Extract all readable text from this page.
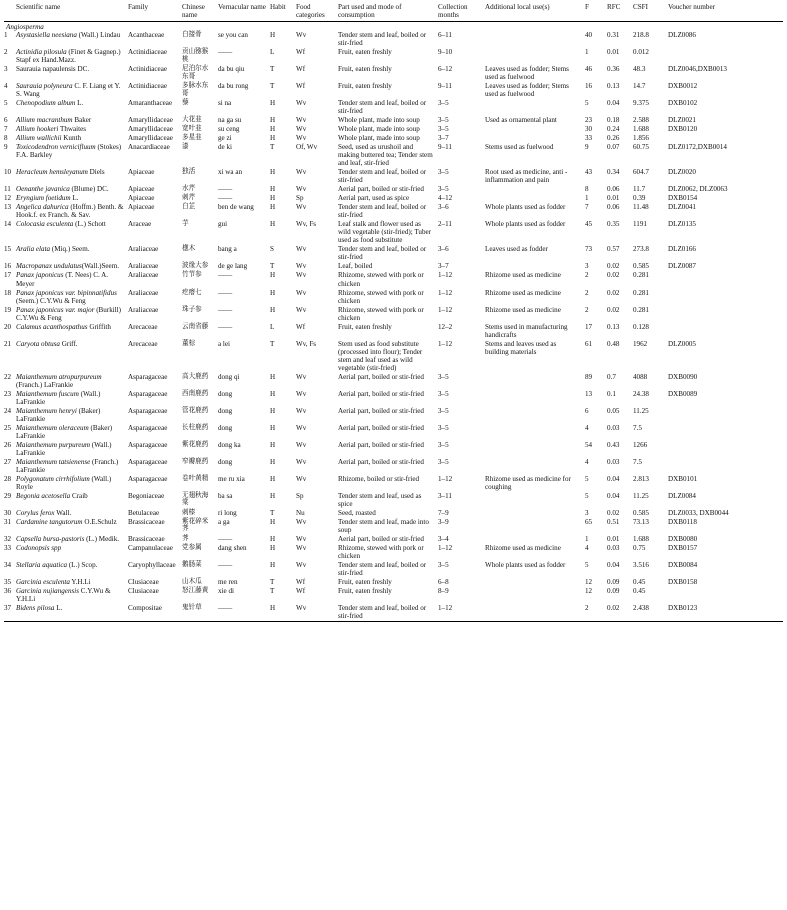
	Scientific name	Family	Chinese name	Vernacular name	Habit	Food categories	Part used and mode of consumption	Collection months	Additional local use(s)	F	RFC	CSFI	Voucher number
Angiosperma													
1	Asystasiella neesiana (Wall.) Lindau	Acanthaceae	白接骨	se you can	H	Wv	Tender stem and leaf, boiled or stir-fried	6–11		40	0.31	218.8	DLZ0086
2	Actinidia pilosula (Finet & Gagnep.) Stapf ex Hand.Mazz.	Actinidiaceae	贡山猕猴桃	——	L	Wf	Fruit, eaten freshly	9–10		1	0.01	0.012	
3	Saurauia napaulensis DC.	Actinidiaceae	尼泊尔水东哥	da bu qiu	T	Wf	Fruit, eaten freshly	6–12	Leaves used as fodder; Stems used as fuelwood	46	0.36	48.3	DLZ0046,DXB0013
4	Saurauia polyneura C. F. Liang et Y. S. Wang	Actinidiaceae	多脉水东哥	da bu rong	T	Wf	Fruit, eaten freshly	9–11	Leaves used as fodder; Stems used as fuelwood	16	0.13	14.7	DXB0012
5	Chenopodium album L.	Amaranthaceae	藜	si na	H	Wv	Tender stem and leaf, boiled or stir-fried	3–5		5	0.04	9.375	DXB0102
6	Allium macranthum Baker	Amaryllidaceae	大花韭	na ga su	H	Wv	Whole plant, made into soup	3–5	Used as ornamental plant	23	0.18	2.588	DLZ0021
7	Allium hookeri Thwaites	Amaryllidaceae	宽叶韭	su ceng	H	Wv	Whole plant, made into soup	3–5		30	0.24	1.688	DXB0120
8	Allium wallichii Kunth	Amaryllidaceae	多星韭	ge zi	H	Wv	Whole plant, made into soup	3–7		33	0.26	1.856	
9	Toxicodendron vernicifluum (Stokes) F.A. Barkley	Anacardiaceae	漆	de ki	T	Of, Wv	Seed, used as urushoil and making buttered tea; Tender stem and leaf, stir-fried	9–11	Stems used as fuelwood	9	0.07	60.75	DLZ0172,DXB0014
10	Heracleum hemsleyanum Diels	Apiaceae	独活	xi wa an	H	Wv	Tender stem and leaf, boiled or stir-fried	3–5	Root used as medicine, anti - inflammation and pain	43	0.34	604.7	DLZ0020
11	Oenanthe javanica (Blume) DC.	Apiaceae	水芹	——	H	Wv	Aerial part, boiled or stir-fried	3–5		8	0.06	11.7	DLZ0062, DLZ0063
12	Eryngium foetidum L.	Apiaceae	刺芹	——	H	Sp	Aerial part, used as spice	4–12		1	0.01	0.39	DXB0154
13	Angelica dahurica (Hoffm.) Benth. & Hook.f. ex Franch. & Sav.	Apiaceae	白芷	ben de wang	H	Wv	Tender stem and leaf, boiled or stir-fried	3–6	Whole plants used as fodder	7	0.06	11.48	DLZ0041
14	Colocasia esculenta (L.) Schott	Araceae	芋	gui	H	Wv, Fs	Leaf stalk and flower used as wild vegetable (stir-fried); Tuber used as food substitute	2–11	Whole plants used as fodder	45	0.35	1191	DLZ0135
15	Aralia elata (Miq.) Seem.	Araliaceae	楤木	bang a	S	Wv	Tender stem and leaf, boiled or stir-fried	3–6	Leaves used as fodder	73	0.57	273.8	DLZ0166
16	Macropanax undulatus(Wall.)Seem.	Araliaceae	波缘大参	de ge lang	T	Wv	Leaf, boiled	3–7		3	0.02	0.585	DLZ0087
17	Panax japonicus (T. Nees) C. A. Meyer	Araliaceae	竹节参	——	H	Wv	Rhizome, stewed with pork or chicken	1–12	Rhizome used as medicine	2	0.02	0.281	
18	Panax japonicus var. bipinnatifidus (Seem.) C.Y.Wu & Feng	Araliaceae	疙瘩七	——	H	Wv	Rhizome, stewed with pork or chicken	1–12	Rhizome used as medicine	2	0.02	0.281	
19	Panax japonicus var. major (Burkill) C.Y.Wu & Feng	Araliaceae	珠子参	——	H	Wv	Rhizome, stewed with pork or chicken	1–12	Rhizome used as medicine	2	0.02	0.281	
20	Calamus acanthospathus Griffith	Arecaceae	云南省藤	——	L	Wf	Fruit, eaten freshly	12–2	Stems used in manufacturing handicrafts	17	0.13	0.128	
21	Caryota obtusa Griff.	Arecaceae	董棕	a lei	T	Wv, Fs	Stem used as food substitute (processed into flour); Tender stem and leaf used as wild vegetable (stir-fried)	1–12	Stems and leaves used as building materials	61	0.48	1962	DLZ0005
22	Maianthemum atropurpureum (Franch.) LaFrankie	Asparagaceae	高大鹿药	dong qi	H	Wv	Aerial part, boiled or stir-fried	3–5		89	0.7	4088	DXB0090
23	Maianthemum fuscum (Wall.) LaFrankie	Asparagaceae	西南鹿药	dong	H	Wv	Aerial part, boiled or stir-fried	3–5		13	0.1	24.38	DXB0089
24	Maianthemum henryi (Baker) LaFrankie	Asparagaceae	管花鹿药	dong	H	Wv	Aerial part, boiled or stir-fried	3–5		6	0.05	11.25	
25	Maianthemum oleraceum (Baker) LaFrankie	Asparagaceae	长柱鹿药	dong	H	Wv	Aerial part, boiled or stir-fried	3–5		4	0.03	7.5	
26	Maianthemum purpureum (Wall.) LaFrankie	Asparagaceae	紫花鹿药	dong ka	H	Wv	Aerial part, boiled or stir-fried	3–5		54	0.43	1266	
27	Maianthemum tatsienense (Franch.) LaFrankie	Asparagaceae	窄瓣鹿药	dong	H	Wv	Aerial part, boiled or stir-fried	3–5		4	0.03	7.5	
28	Polygonatum cirrhifolium (Wall.) Royle	Asparagaceae	卷叶黄精	me ru xia	H	Wv	Rhizome, boiled or stir-fried	1–12	Rhizome used as medicine for coughing	5	0.04	2.813	DXB0101
29	Begonia acetosella Craib	Begoniaceae	无翅秋海棠	ba sa	H	Sp	Tender stem and leaf, used as spice	3–11		5	0.04	11.25	DLZ0084
30	Corylus ferox Wall.	Betulaceae	刺榛	ri long	T	Nu	Seed, roasted	7–9		3	0.02	0.585	DLZ0033, DXB0044
31	Cardamine tangutorum O.E.Schulz	Brassicaceae	紫花碎米荠	a ga	H	Wv	Tender stem and leaf, made into soup	3–9		65	0.51	73.13	DXB0118
32	Capsella bursa-pastoris (L.) Medik.	Brassicaceae	荠	——	H	Wv	Aerial part, boiled or stir-fried	3–4		1	0.01	1.688	DXB0080
33	Codonopsis spp	Campanulaceae	党参属	dang shen	H	Wv	Rhizome, stewed with pork or chicken	1–12	Rhizome used as medicine	4	0.03	0.75	DXB0157
34	Stellaria aquatica (L.) Scop.	Caryophyllaceae	鹅肠菜	——	H	Wv	Tender stem and leaf, boiled or stir-fried	3–5	Whole plants used as fodder	5	0.04	3.516	DXB0084
35	Garcinia esculenta Y.H.Li	Clusiaceae	山木瓜	me ren	T	Wf	Fruit, eaten freshly	6–8		12	0.09	0.45	DXB0158
36	Garcinia nujiangensis C.Y.Wu & Y.H.Li	Clusiaceae	怒江藤黄	xie di	T	Wf	Fruit, eaten freshly	8–9		12	0.09	0.45	
37	Bidens pilosa L.	Compositae	鬼针草	——	H	Wv	Tender stem and leaf, boiled or stir-fried	1–12		2	0.02	2.438	DXB0123
